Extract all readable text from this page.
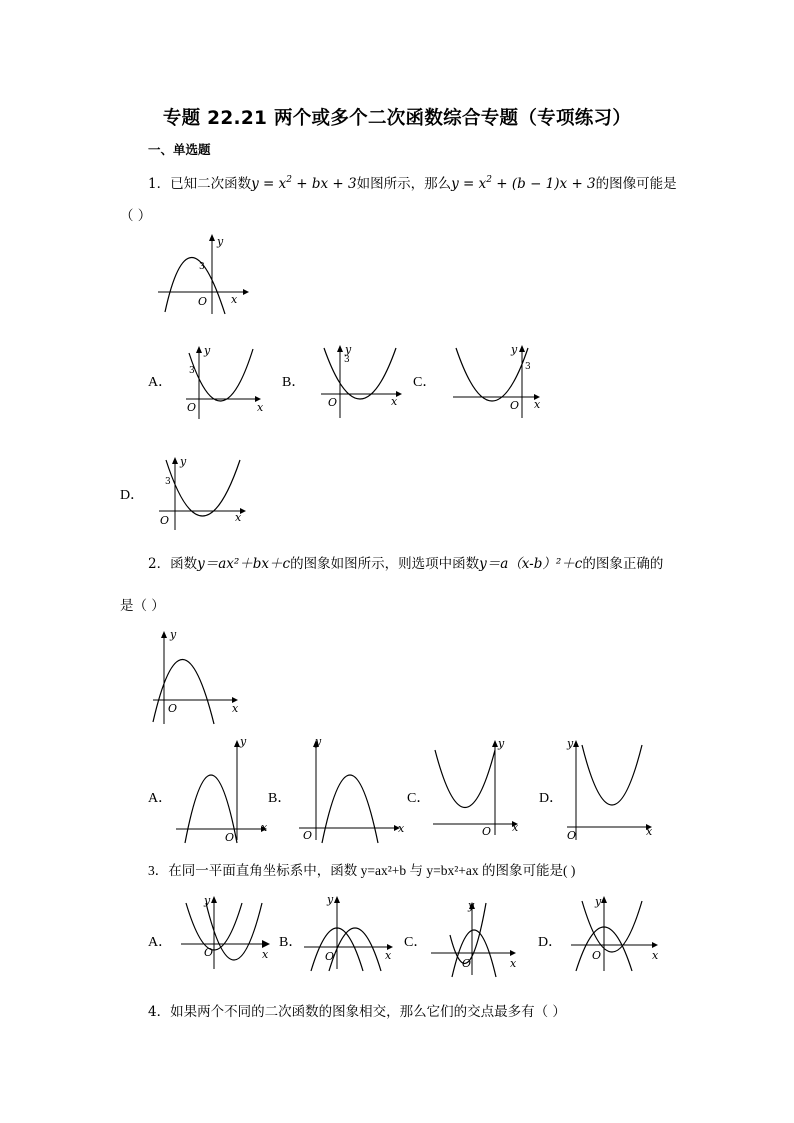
专题 22.21 两个或多个二次函数综合专题（专项练习）
一、单选题
1．已知二次函数$y = x^2$ + bx + 3如图所示，那么$y = x^2 + (b - 1)x + 3$的图像可能是
（ ）
y
3
O x
A．
y
3
O	x
B．
y
3
O	x
C．
y
3
O x
D．
y
3
O	x
2．函数y＝ax²＋bx＋c的图象如图所示，则选项中函数y＝a（x-b）²＋c的图象正确的
是（ ）
y
O	x
A．
y
O
x
B．
y
O
x
C．
y
O x
D．
y
O	x
3．在同一平面直角坐标系中，函数 y=ax²+b 与 y=bx²+ax 的图象可能是( )
A．
y
O	x
B．
y
O	x
C．
y
O	x
D．
y
O	x
4．如果两个不同的二次函数的图象相交，那么它们的交点最多有（ ）
